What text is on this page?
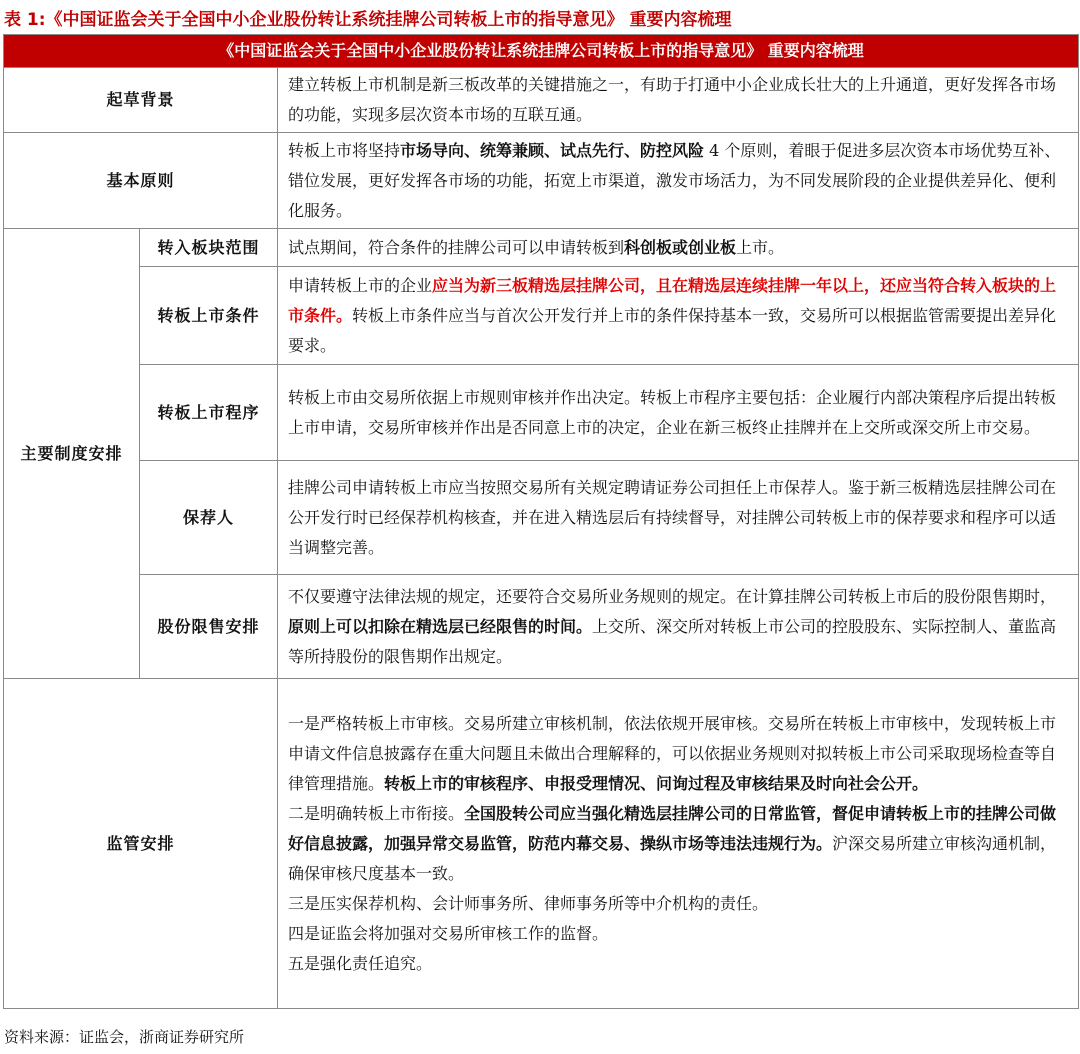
表 1:《中国证监会关于全国中小企业股份转让系统挂牌公司转板上市的指导意见》 重要内容梳理
《中国证监会关于全国中小企业股份转让系统挂牌公司转板上市的指导意见》 重要内容梳理		
起草背景		建立转板上市机制是新三板改革的关键措施之一，有助于打通中小企业成长壮大的上升通道，更好发挥各市场的功能，实现多层次资本市场的互联互通。
基本原则		转板上市将坚持市场导向、统筹兼顾、试点先行、防控风险 4 个原则，着眼于促进多层次资本市场优势互补、错位发展，更好发挥各市场的功能，拓宽上市渠道，激发市场活力，为不同发展阶段的企业提供差异化、便利化服务。
主要制度安排	转入板块范围	试点期间，符合条件的挂牌公司可以申请转板到科创板或创业板上市。
	转板上市条件	申请转板上市的企业应当为新三板精选层挂牌公司，且在精选层连续挂牌一年以上，还应当符合转入板块的上市条件。转板上市条件应当与首次公开发行并上市的条件保持基本一致，交易所可以根据监管需要提出差异化要求。
	转板上市程序	转板上市由交易所依据上市规则审核并作出决定。转板上市程序主要包括：企业履行内部决策程序后提出转板上市申请，交易所审核并作出是否同意上市的决定，企业在新三板终止挂牌并在上交所或深交所上市交易。
	保荐人	挂牌公司申请转板上市应当按照交易所有关规定聘请证券公司担任上市保荐人。鉴于新三板精选层挂牌公司在公开发行时已经保荐机构核查，并在进入精选层后有持续督导，对挂牌公司转板上市的保荐要求和程序可以适当调整完善。
	股份限售安排	不仅要遵守法律法规的规定，还要符合交易所业务规则的规定。在计算挂牌公司转板上市后的股份限售期时，原则上可以扣除在精选层已经限售的时间。上交所、深交所对转板上市公司的控股股东、实际控制人、董监高等所持股份的限售期作出规定。
监管安排		一是严格转板上市审核。交易所建立审核机制，依法依规开展审核。交易所在转板上市审核中，发现转板上市申请文件信息披露存在重大问题且未做出合理解释的，可以依据业务规则对拟转板上市公司采取现场检查等自律管理措施。转板上市的审核程序、申报受理情况、问询过程及审核结果及时向社会公开。

二是明确转板上市衔接。全国股转公司应当强化精选层挂牌公司的日常监管，督促申请转板上市的挂牌公司做好信息披露，加强异常交易监管，防范内幕交易、操纵市场等违法违规行为。沪深交易所建立审核沟通机制，确保审核尺度基本一致。

三是压实保荐机构、会计师事务所、律师事务所等中介机构的责任。

四是证监会将加强对交易所审核工作的监督。

五是强化责任追究。

资料来源：证监会，浙商证券研究所
